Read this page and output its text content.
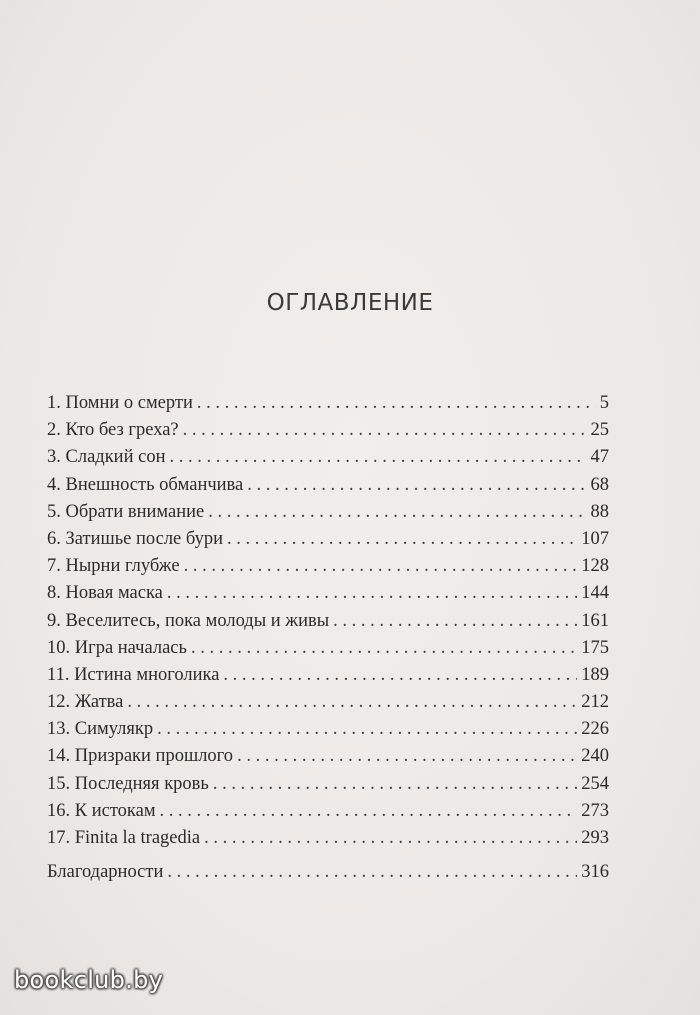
ОГЛАВЛЕНИЕ
1. Помни о смерти . . .	5
2. Кто без греха? . . .	25
3. Сладкий сон . . .	47
4. Внешность обманчива . . .	68
5. Обрати внимание . . .	88
6. Затишье после бури . . .	107
7. Нырни глубже . . .	128
8. Новая маска . . .	144
9. Веселитесь, пока молоды и живы . . .	161
10. Игра началась . . .	175
11. Истина многолика . . .	189
12. Жатва . . .	212
13. Симулякр . . .	226
14. Призраки прошлого . . .	240
15. Последняя кровь . . .	254
16. К истокам . . .	273
17. Finita la tragedia . . .	293
Благодарности . . .	316
bookclub.by
